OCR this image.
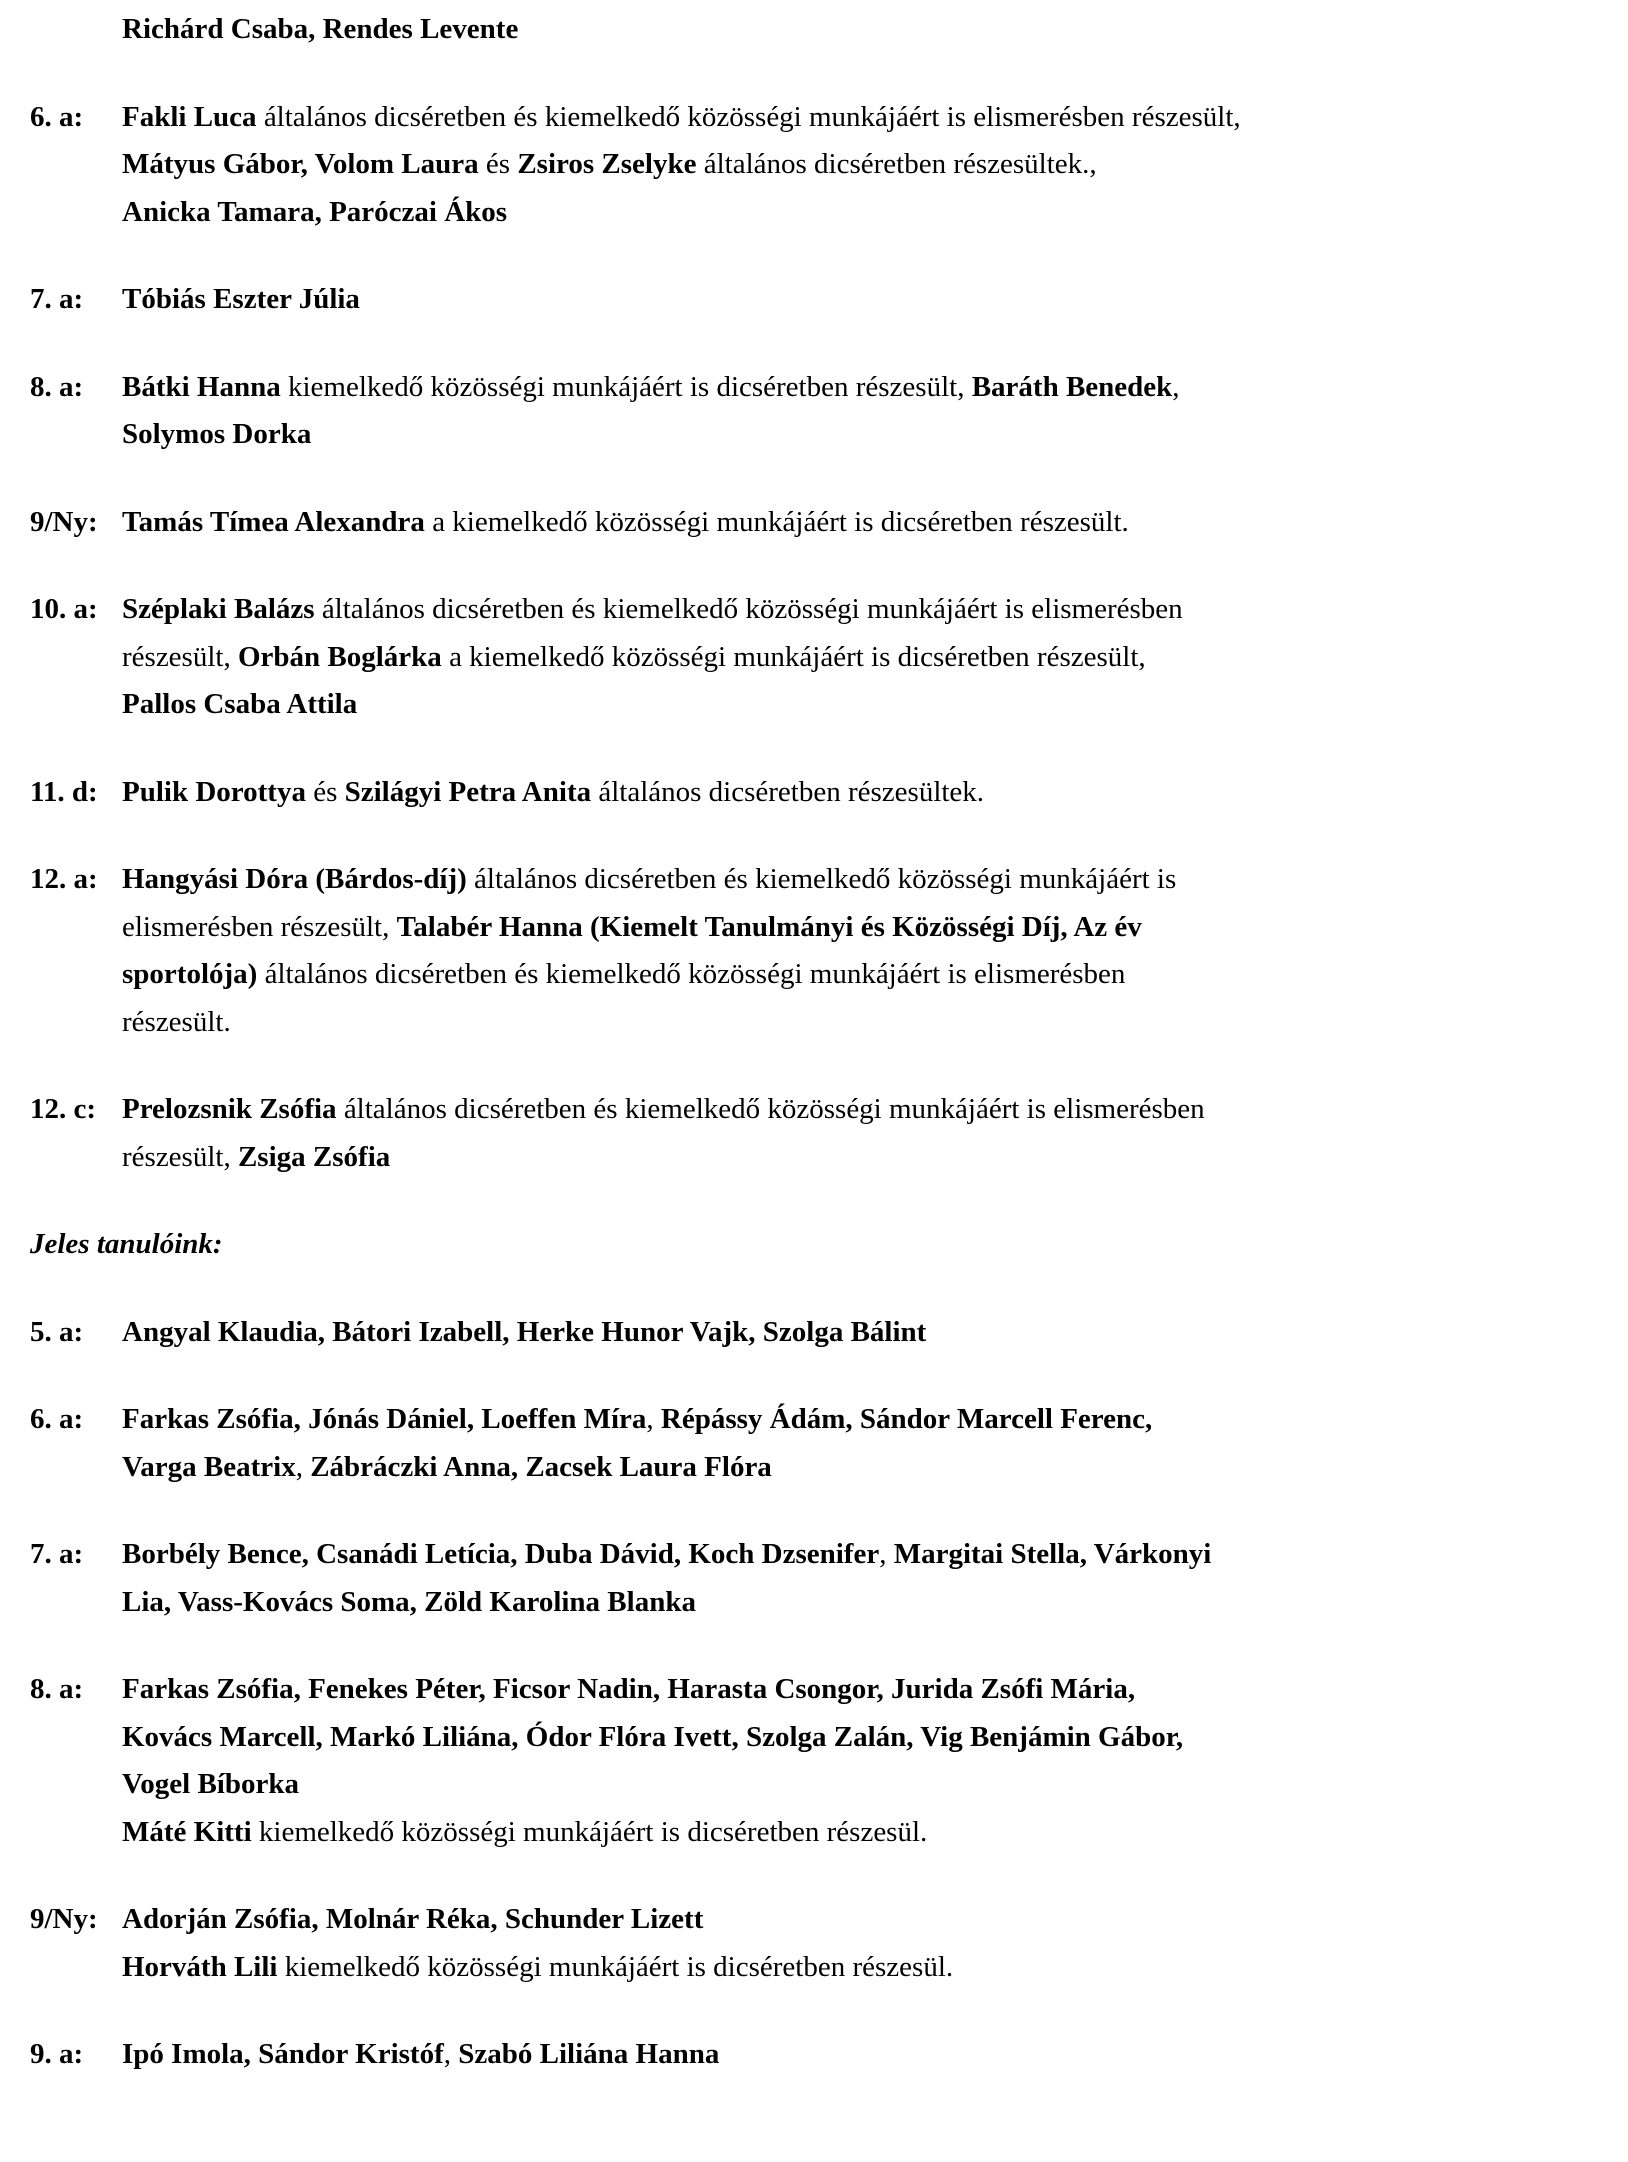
Richárd Csaba, Rendes Levente
6. a:	Fakli Luca általános dicséretben és kiemelkedő közösségi munkájáért is elismerésben részesült,
Mátyus Gábor, Volom Laura és Zsiros Zselyke általános dicséretben részesültek.,
Anicka Tamara, Paróczai Ákos
7. a:	Tóbiás Eszter Júlia
8. a:	Bátki Hanna kiemelkedő közösségi munkájáért is dicséretben részesült, Baráth Benedek,
Solymos Dorka
9/Ny: Tamás Tímea Alexandra a kiemelkedő közösségi munkájáért is dicséretben részesült.
10. a: Széplaki Balázs általános dicséretben és kiemelkedő közösségi munkájáért is elismerésben
részesült, Orbán Boglárka a kiemelkedő közösségi munkájáért is dicséretben részesült,
Pallos Csaba Attila
11. d: Pulik Dorottya és Szilágyi Petra Anita általános dicséretben részesültek.
12. a: Hangyási Dóra (Bárdos-díj) általános dicséretben és kiemelkedő közösségi munkájáért is
elismerésben részesült, Talabér Hanna (Kiemelt Tanulmányi és Közösségi Díj, Az év
sportolója) általános dicséretben és kiemelkedő közösségi munkájáért is elismerésben
részesült.
12. c: Prelozsnik Zsófia általános dicséretben és kiemelkedő közösségi munkájáért is elismerésben
részesült, Zsiga Zsófia
Jeles tanulóink:
5. a:	Angyal Klaudia, Bátori Izabell, Herke Hunor Vajk, Szolga Bálint
6. a:	Farkas Zsófia, Jónás Dániel, Loeffen Míra, Répássy Ádám, Sándor Marcell Ferenc,
Varga Beatrix, Zábráczki Anna, Zacsek Laura Flóra
7. a:	Borbély Bence, Csanádi Letícia, Duba Dávid, Koch Dzsenifer, Margitai Stella, Várkonyi
Lia, Vass-Kovács Soma, Zöld Karolina Blanka
8. a:	Farkas Zsófia, Fenekes Péter, Ficsor Nadin, Harasta Csongor, Jurida Zsófi Mária,
Kovács Marcell, Markó Liliána, Ódor Flóra Ivett, Szolga Zalán, Vig Benjámin Gábor,
Vogel Bíborka
Máté Kitti kiemelkedő közösségi munkájáért is dicséretben részesül.
9/Ny: Adorján Zsófia, Molnár Réka, Schunder Lizett
Horváth Lili kiemelkedő közösségi munkájáért is dicséretben részesül.
9. a:	Ipó Imola, Sándor Kristóf, Szabó Liliána Hanna
